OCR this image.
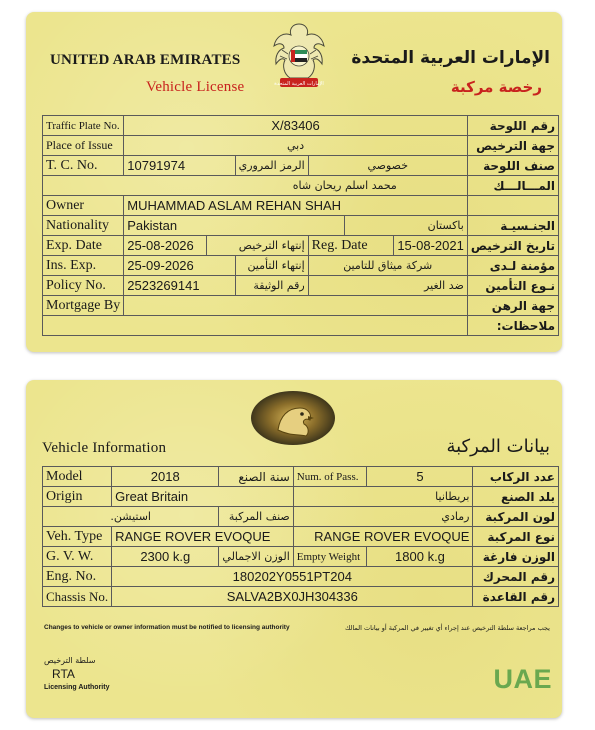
UNITED ARAB EMIRATES
Vehicle License
الإمارات العربية المتحدة
رخصة مركبة
الإمارات العربية المتحدة
Traffic Plate No.	X/83406						رقم اللوحة
Place of Issue	دبي						جهة الترخيص
T. C. No.	10791974		الرمز المروري	خصوصي			صنف اللوحة
محمد اسلم ريحان شاه							المـــالـــك
Owner	MUHAMMAD ASLAM REHAN SHAH						
Nationality	Pakistan				باكستان		الجنـسيـة
Exp. Date	25-08-2026	إنتهاء الترخيص		Reg. Date		15-08-2021	تاريخ الترخيص
Ins. Exp.	25-09-2026		إنتهاء التأمين	شركة ميثاق للتامين			مؤمنة لـدى
Policy No.	2523269141		رقم الوثيقة	ضد الغير			نـوع التأمين
Mortgage By							جهة الرهن
							ملاحظات:
Vehicle Information	بيانات المركبة
Model	2018	سنة الصنع	Num. of Pass.	5	عدد الركاب
Origin	Great Britain		بريطانيا		بلد الصنع
استيشن.		صنف المركبة	رمادي		لون المركبة
Veh. Type	RANGE ROVER EVOQUE		RANGE ROVER EVOQUE		نوع المركبة
G. V. W.	2300 k.g	الوزن الاجمالي	Empty Weight	1800 k.g	الوزن فارغة
Eng. No.	180202Y0551PT204				رقم المحرك
Chassis No.	SALVA2BX0JH304336				رقم القاعدة
Changes to vehicle or owner information must be notified to licensing authority	يجب مراجعة سلطة الترخيص عند إجراء أي تغيير في المركبة أو بيانات المالك
سلطة الترخيص
RTA
Licensing Authority	UAE
